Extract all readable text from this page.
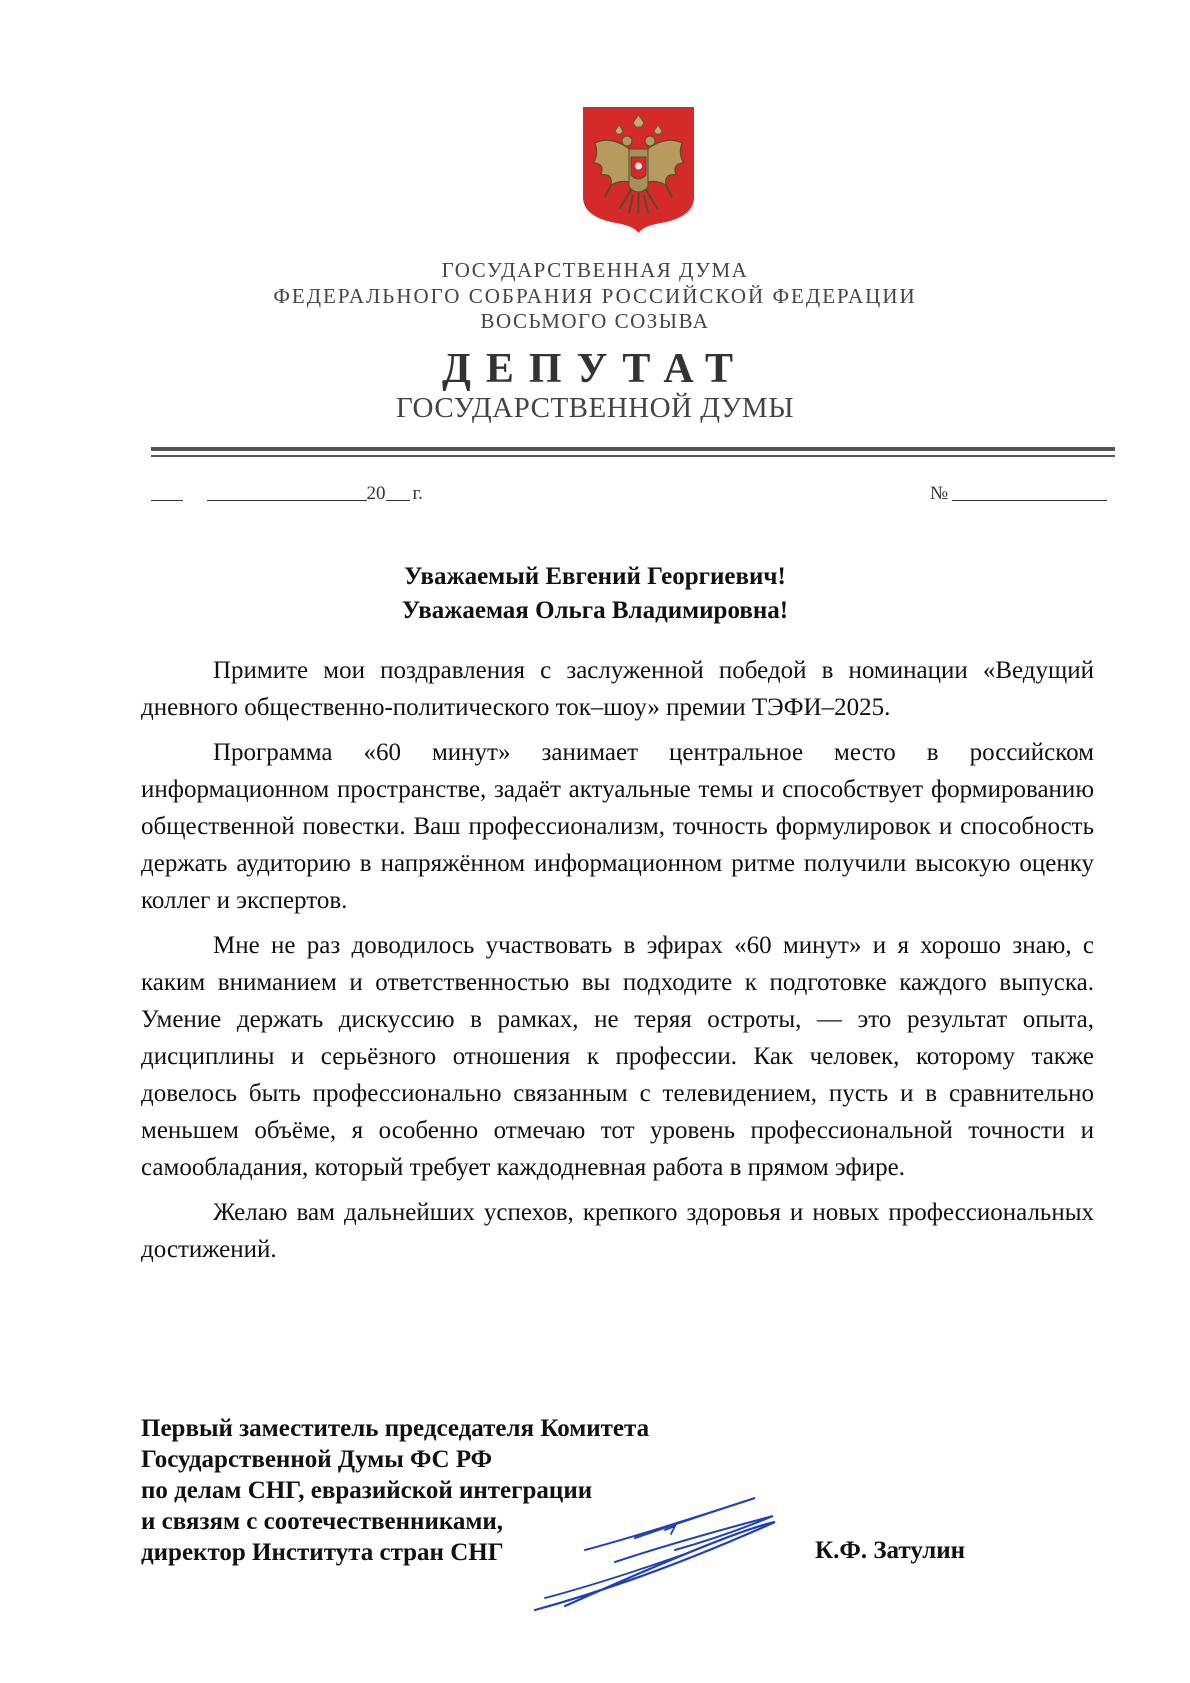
ГОСУДАРСТВЕННАЯ ДУМА
ФЕДЕРАЛЬНОГО СОБРАНИЯ РОССИЙСКОЙ ФЕДЕРАЦИИ
ВОСЬМОГО СОЗЫВА
ДЕПУТАТ
ГОСУДАРСТВЕННОЙ ДУМЫ
20 г.	№
Уважаемый Евгений Георгиевич!
Уважаемая Ольга Владимировна!

Примите мои поздравления с заслуженной победой в номинации «Ведущий дневного общественно-политического ток–шоу» премии ТЭФИ–2025.

Программа «60 минут» занимает центральное место в российском информационном пространстве, задаёт актуальные темы и способствует формированию общественной повестки. Ваш профессионализм, точность формулировок и способность держать аудиторию в напряжённом информационном ритме получили высокую оценку коллег и экспертов.

Мне не раз доводилось участвовать в эфирах «60 минут» и я хорошо знаю, с каким вниманием и ответственностью вы подходите к подготовке каждого выпуска. Умение держать дискуссию в рамках, не теряя остроты, — это результат опыта, дисциплины и серьёзного отношения к профессии. Как человек, которому также довелось быть профессионально связанным с телевидением, пусть и в сравнительно меньшем объёме, я особенно отмечаю тот уровень профессиональной точности и самообладания, который требует каждодневная работа в прямом эфире.

Желаю вам дальнейших успехов, крепкого здоровья и новых профессиональных достижений.

Первый заместитель председателя Комитета
Государственной Думы ФС РФ
по делам СНГ, евразийской интеграции
и связям с соотечественниками,
директор Института стран СНГ	К.Ф. Затулин
